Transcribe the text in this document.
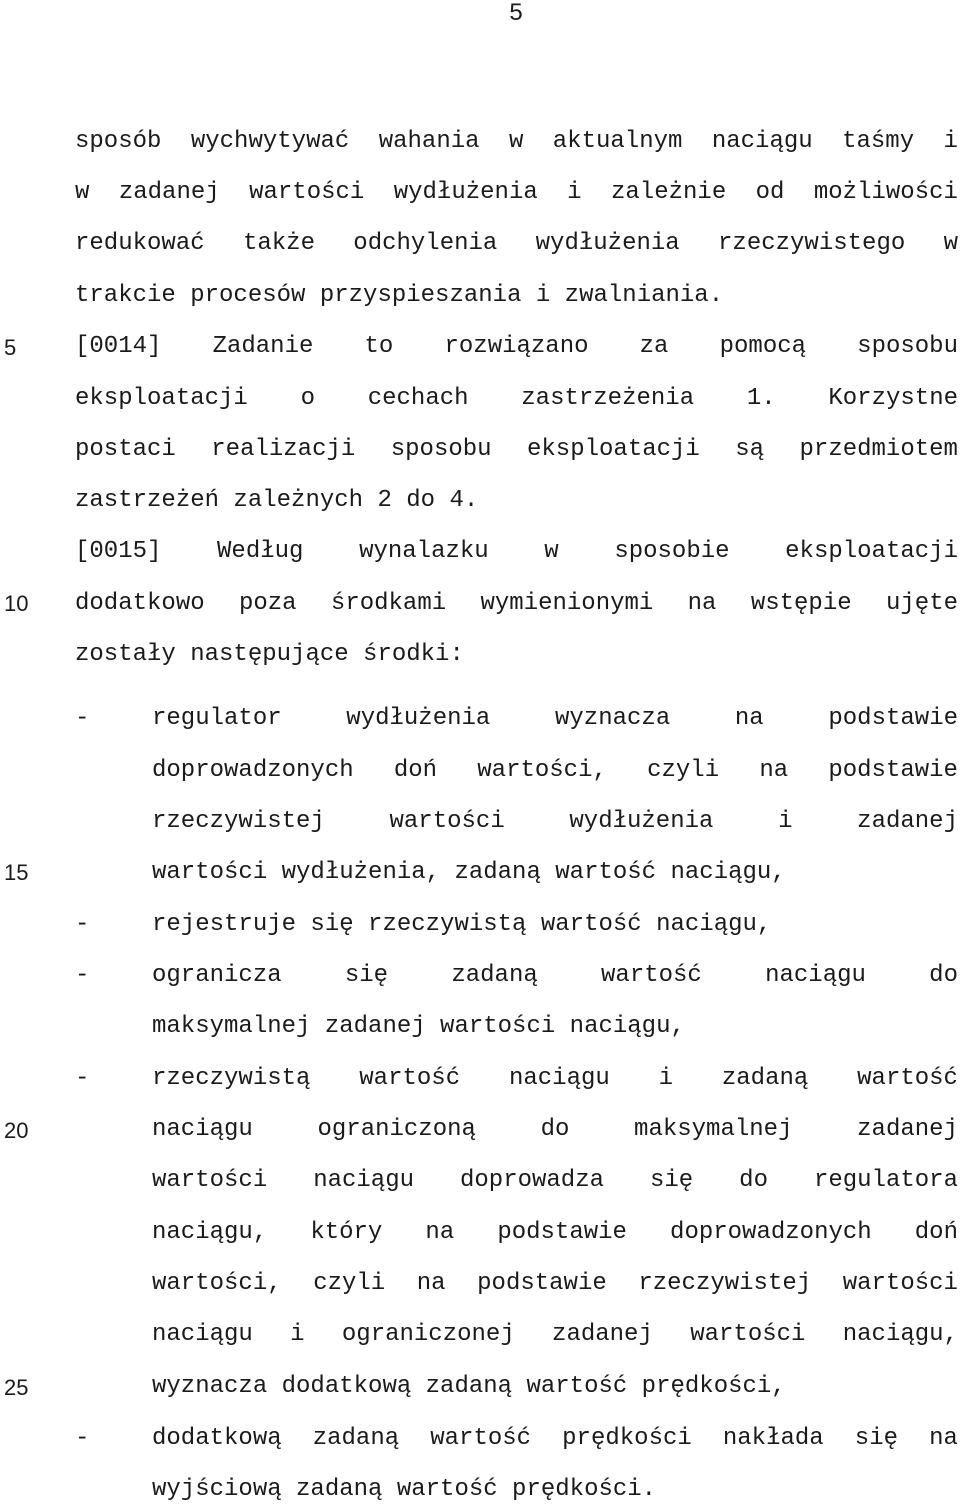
5
5
10
15
20
25
sposób wychwytywać wahania w aktualnym naciągu taśmy i
w zadanej wartości wydłużenia i zależnie od możliwości
redukować także odchylenia wydłużenia rzeczywistego w
trakcie procesów przyspieszania i zwalniania.
[0014] Zadanie to rozwiązano za pomocą sposobu
eksploatacji o cechach zastrzeżenia 1. Korzystne
postaci realizacji sposobu eksploatacji są przedmiotem
zastrzeżeń zależnych 2 do 4.
[0015] Według wynalazku w sposobie eksploatacji
dodatkowo poza środkami wymienionymi na wstępie ujęte
zostały następujące środki:
-
-
-
-
-
regulator	wydłużenia	wyznacza	na	podstawie
doprowadzonych doń wartości, czyli na podstawie
rzeczywistej	wartości	wydłużenia	i	zadanej
wartości wydłużenia, zadaną wartość naciągu,
rejestruje się rzeczywistą wartość naciągu,
ogranicza	się	zadaną	wartość	naciągu	do
maksymalnej zadanej wartości naciągu,
rzeczywistą wartość naciągu i zadaną wartość
naciągu	ograniczoną	do	maksymalnej	zadanej
wartości naciągu doprowadza się do regulatora
naciągu, który na podstawie doprowadzonych doń
wartości, czyli na podstawie rzeczywistej wartości
naciągu i ograniczonej zadanej wartości naciągu,
wyznacza dodatkową zadaną wartość prędkości,
dodatkową zadaną wartość prędkości nakłada się na
wyjściową zadaną wartość prędkości.
